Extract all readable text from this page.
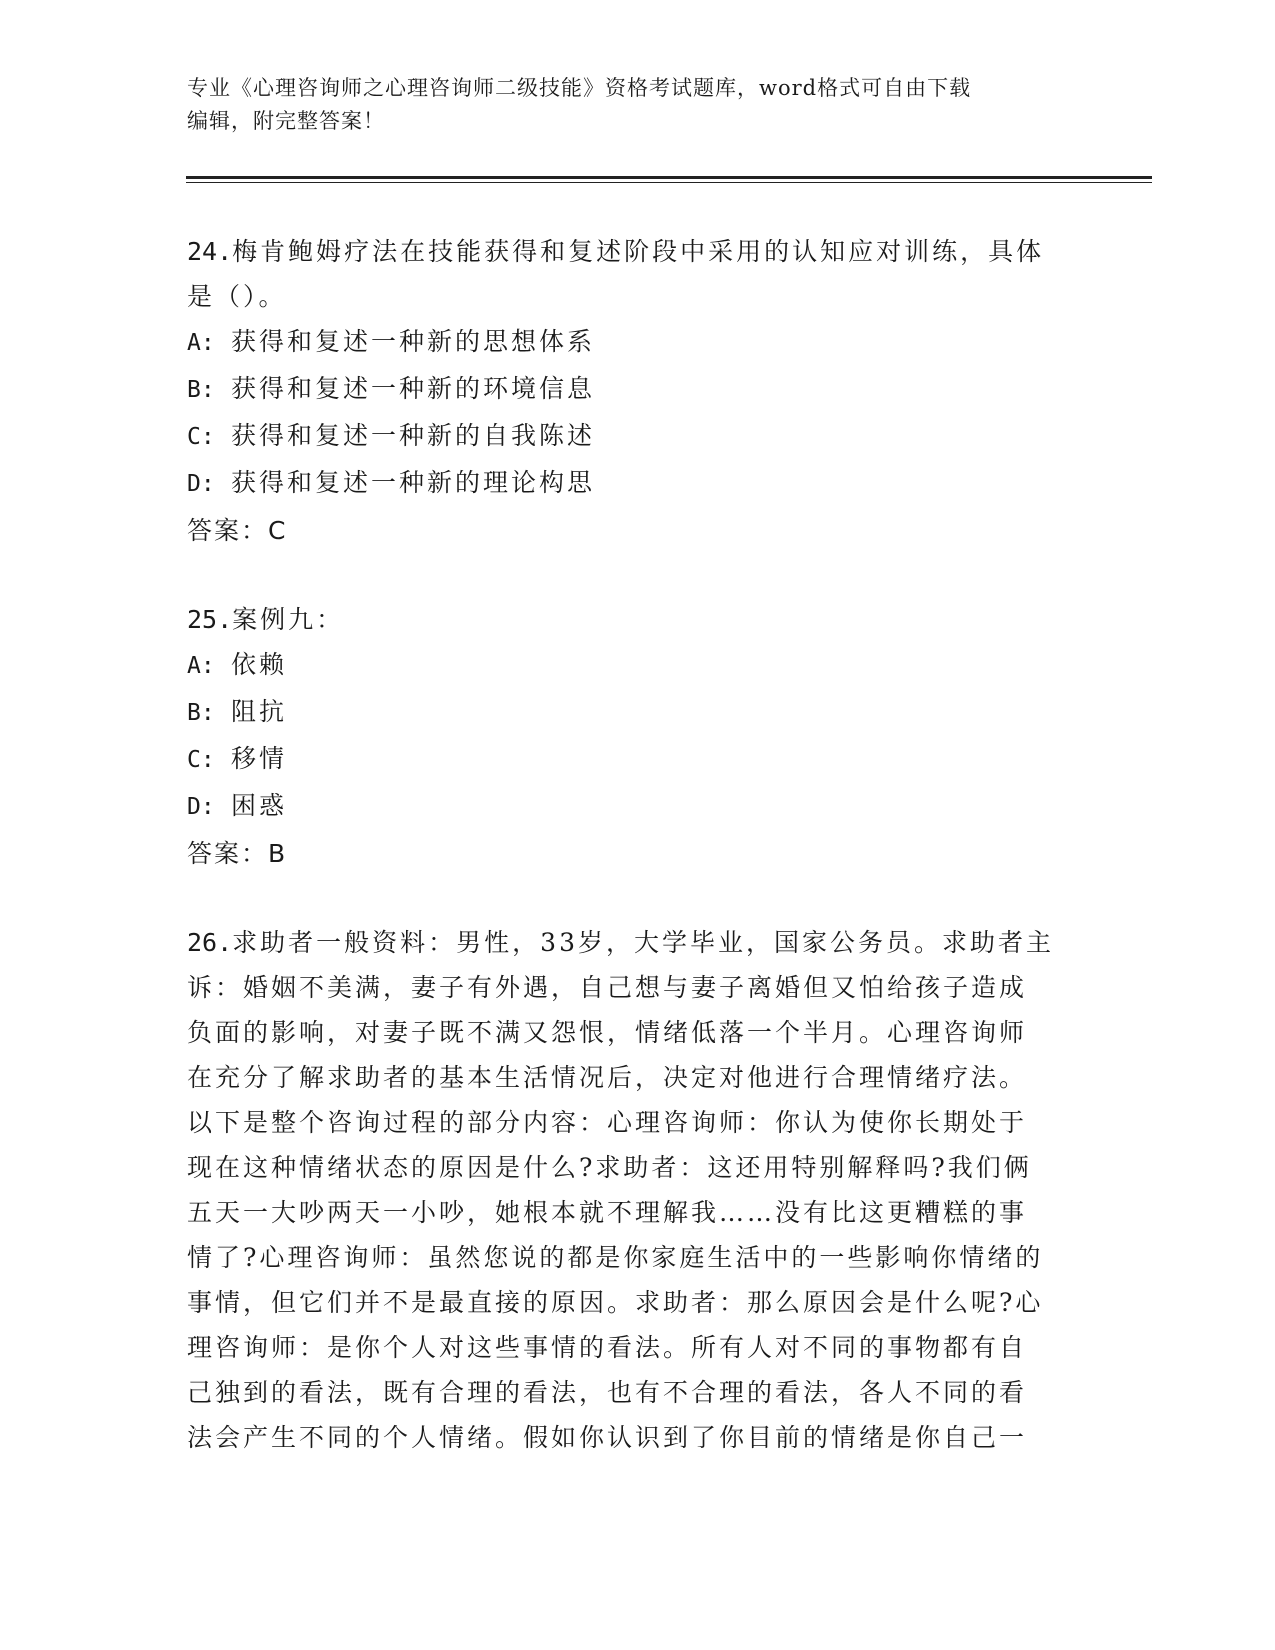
专业《心理咨询师之心理咨询师二级技能》资格考试题库，word格式可自由下载
编辑，附完整答案！

24.梅肯鲍姆疗法在技能获得和复述阶段中采用的认知应对训练，具体

是（）。

A: 获得和复述一种新的思想体系

B: 获得和复述一种新的环境信息

C: 获得和复述一种新的自我陈述

D: 获得和复述一种新的理论构思

答案：C

25.案例九：

A: 依赖

B: 阻抗

C: 移情

D: 困惑

答案：B

26.求助者一般资料：男性，33岁，大学毕业，国家公务员。求助者主

诉：婚姻不美满，妻子有外遇，自己想与妻子离婚但又怕给孩子造成

负面的影响，对妻子既不满又怨恨，情绪低落一个半月。心理咨询师

在充分了解求助者的基本生活情况后，决定对他进行合理情绪疗法。

以下是整个咨询过程的部分内容：心理咨询师：你认为使你长期处于

现在这种情绪状态的原因是什么?求助者：这还用特别解释吗?我们俩

五天一大吵两天一小吵，她根本就不理解我……没有比这更糟糕的事

情了?心理咨询师：虽然您说的都是你家庭生活中的一些影响你情绪的

事情，但它们并不是最直接的原因。求助者：那么原因会是什么呢?心

理咨询师：是你个人对这些事情的看法。所有人对不同的事物都有自

己独到的看法，既有合理的看法，也有不合理的看法，各人不同的看

法会产生不同的个人情绪。假如你认识到了你目前的情绪是你自己一
